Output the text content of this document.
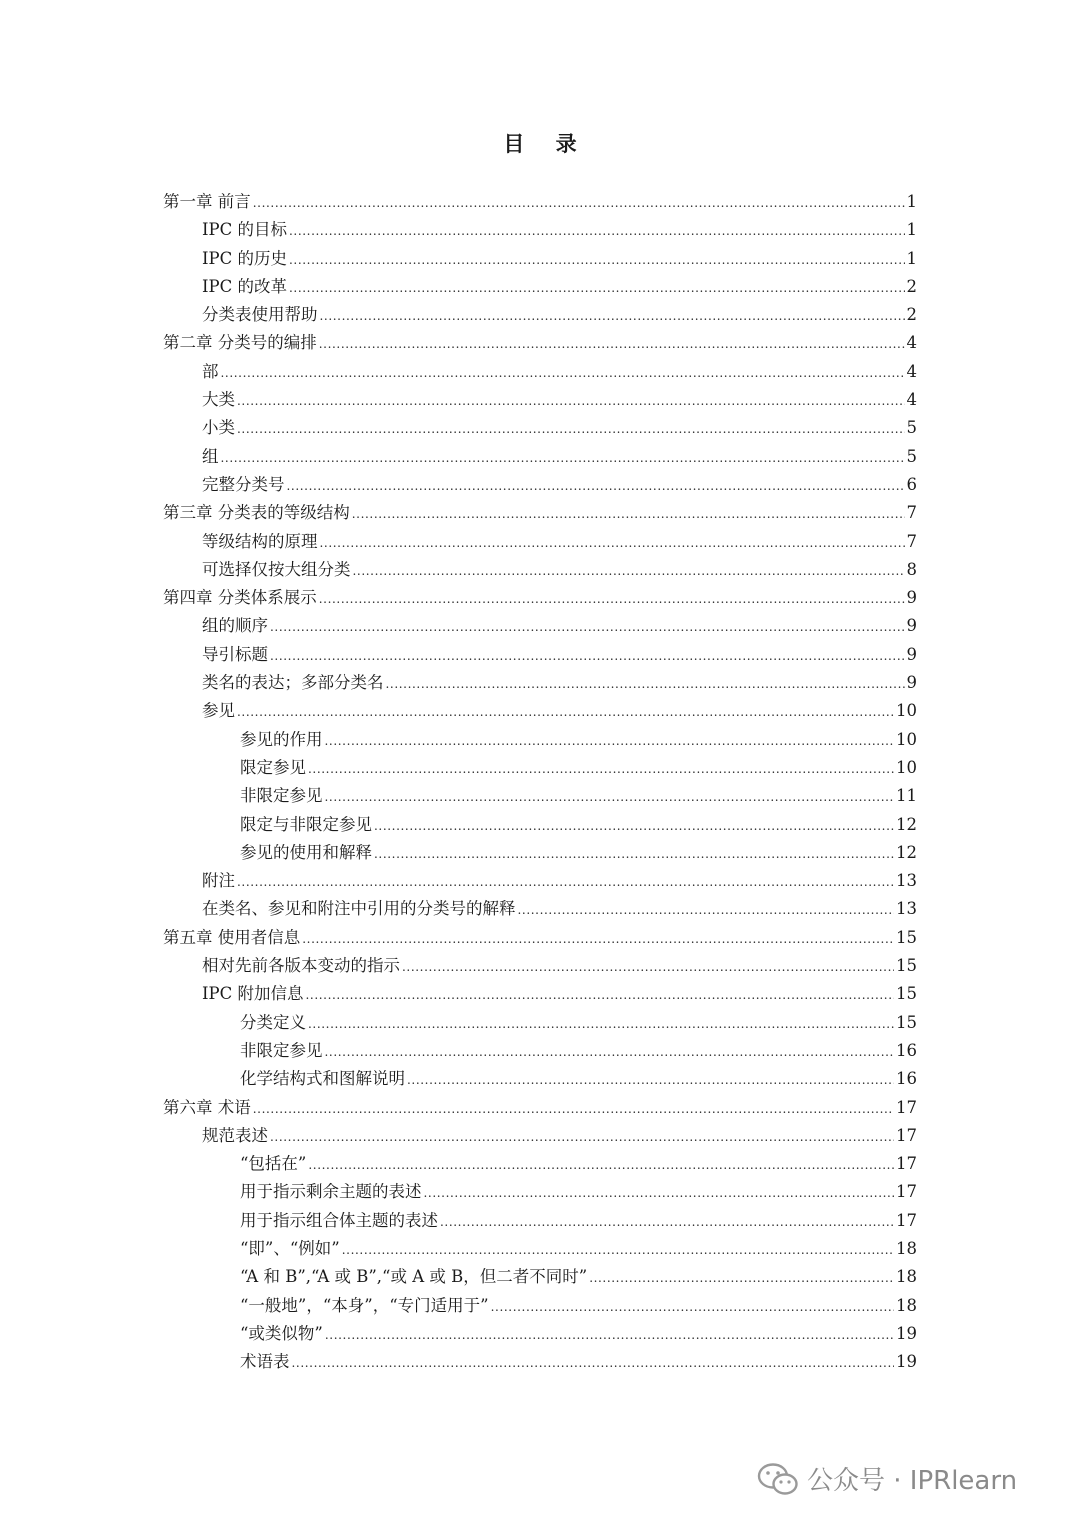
目 录
第一章 前言 .....	1
IPC 的目标 .....	1
IPC 的历史 .....	1
IPC 的改革 .....	2
分类表使用帮助 .....	2
第二章 分类号的编排 .....	4
部 .....	4
大类 .....	4
小类 .....	5
组 .....	5
完整分类号 .....	6
第三章 分类表的等级结构 .....	7
等级结构的原理 .....	7
可选择仅按大组分类 .....	8
第四章 分类体系展示 .....	9
组的顺序 .....	9
导引标题 .....	9
类名的表达；多部分类名 .....	9
参见 .....	10
参见的作用 .....	10
限定参见 .....	10
非限定参见 .....	11
限定与非限定参见 .....	12
参见的使用和解释 .....	12
附注 .....	13
在类名、参见和附注中引用的分类号的解释 .....	13
第五章 使用者信息 .....	15
相对先前各版本变动的指示 .....	15
IPC 附加信息 .....	15
分类定义 .....	15
非限定参见 .....	16
化学结构式和图解说明 .....	16
第六章 术语 .....	17
规范表述 .....	17
“包括在” .....	17
用于指示剩余主题的表述 .....	17
用于指示组合体主题的表述 .....	17
“即”、“例如” .....	18
“A 和 B”,“A 或 B”,“或 A 或 B，但二者不同时” .....	18
“一般地”，“本身”，“专门适用于” .....	18
“或类似物” .....	19
术语表 .....	19
公众号 · IPRlearn
